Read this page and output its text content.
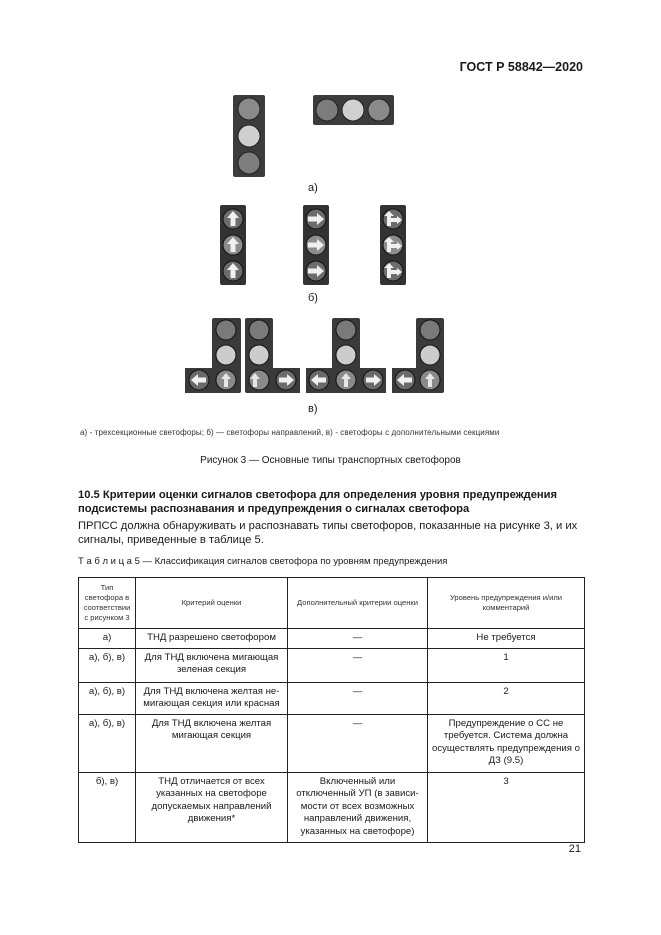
ГОСТ Р 58842—2020
а)
б)
в)
а) - трехсекционные светофоры; б) — светофоры направлений, в) - светофоры с дополнительными секциями
Рисунок 3 — Основные типы транспортных светофоров
10.5 Критерии оценки сигналов светофора для определения уровня предупреждения подсистемы распознавания и предупреждения о сигналах светофора
ПРПСС должна обнаруживать и распознавать типы светофоров, показанные на рисунке 3, и их сигналы, приведенные в таблице 5.
Т а б л и ц а 5 — Классификация сигналов светофора по уровням предупреждения
Тип светофора в соответствии с рисунком 3	Критерий оценки	Дополнительный критерии оценки	Уровень предупреждения и/или комментарий
а)	ТНД разрешено светофором	—	Не требуется
а), б), в)	Для ТНД включена мигающая зеленая секция	—	1
а), б), в)	Для ТНД включена желтая не-мигающая секция или красная	—	2
а), б), в)	Для ТНД включена желтая мигающая секция	—	Предупреждение о СС не требуется. Система должна осуществлять предупреждения о ДЗ (9.5)
б), в)	ТНД отличается от всех указанных на светофоре допускаемых направлений движения*	Включенный или отключенный УП (в зависи-мости от всех возможных направлений движения, указанных на светофоре)	3
21
